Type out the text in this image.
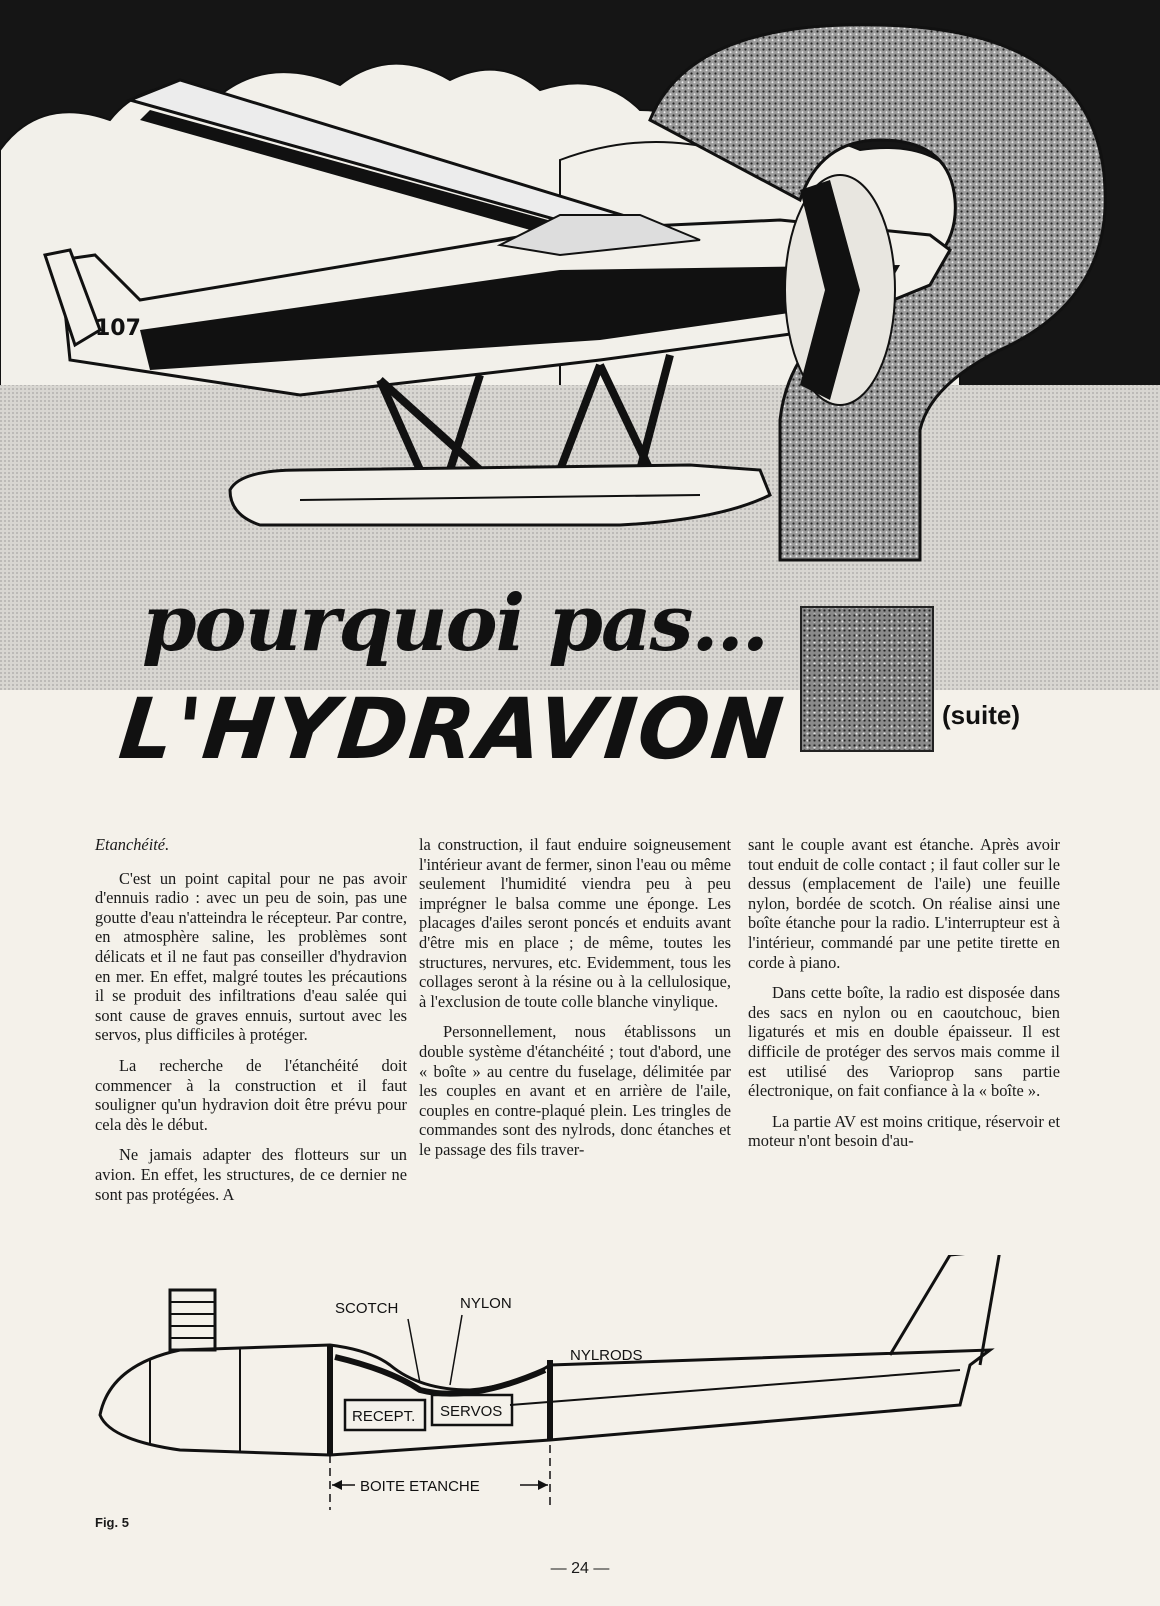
107
pourquoi pas...
L'HYDRAVION	(suite)

Etanchéité.

C'est un point capital pour ne pas avoir d'ennuis radio : avec un peu de soin, pas une goutte d'eau n'atteindra le récepteur. Par contre, en atmosphère saline, les problèmes sont délicats et il ne faut pas conseiller d'hydravion en mer. En effet, malgré toutes les précautions il se produit des infiltrations d'eau salée qui sont cause de graves ennuis, surtout avec les servos, plus difficiles à protéger.

La recherche de l'étanchéité doit commencer à la construction et il faut souligner qu'un hydravion doit être prévu pour cela dès le début.

Ne jamais adapter des flotteurs sur un avion. En effet, les structures, de ce dernier ne sont pas protégées. A

la construction, il faut enduire soigneusement l'intérieur avant de fermer, sinon l'eau ou même seulement l'humidité viendra peu à peu imprégner le balsa comme une éponge. Les placages d'ailes seront poncés et enduits avant d'être mis en place ; de même, toutes les structures, nervures, etc. Evidemment, tous les collages seront à la résine ou à la cellulosique, à l'exclusion de toute colle blanche vinylique.

Personnellement, nous établissons un double système d'étanchéité ; tout d'abord, une « boîte » au centre du fuselage, délimitée par les couples en avant et en arrière de l'aile, couples en contre-plaqué plein. Les tringles de commandes sont des nylrods, donc étanches et le passage des fils traver-

sant le couple avant est étanche. Après avoir tout enduit de colle contact ; il faut coller sur le dessus (emplacement de l'aile) une feuille nylon, bordée de scotch. On réalise ainsi une boîte étanche pour la radio. L'interrupteur est à l'intérieur, commandé par une petite tirette en corde à piano.

Dans cette boîte, la radio est disposée dans des sacs en nylon ou en caoutchouc, bien ligaturés et mis en double épaisseur. Il est difficile de protéger des servos mais comme il est utilisé des Varioprop sans partie électronique, on fait confiance à la « boîte ».

La partie AV est moins critique, réservoir et moteur n'ont besoin d'au-

RECEPT. SERVOS
NYLRODS
SCOTCH	NYLON
BOITE ETANCHE
Fig. 5
— 24 —
